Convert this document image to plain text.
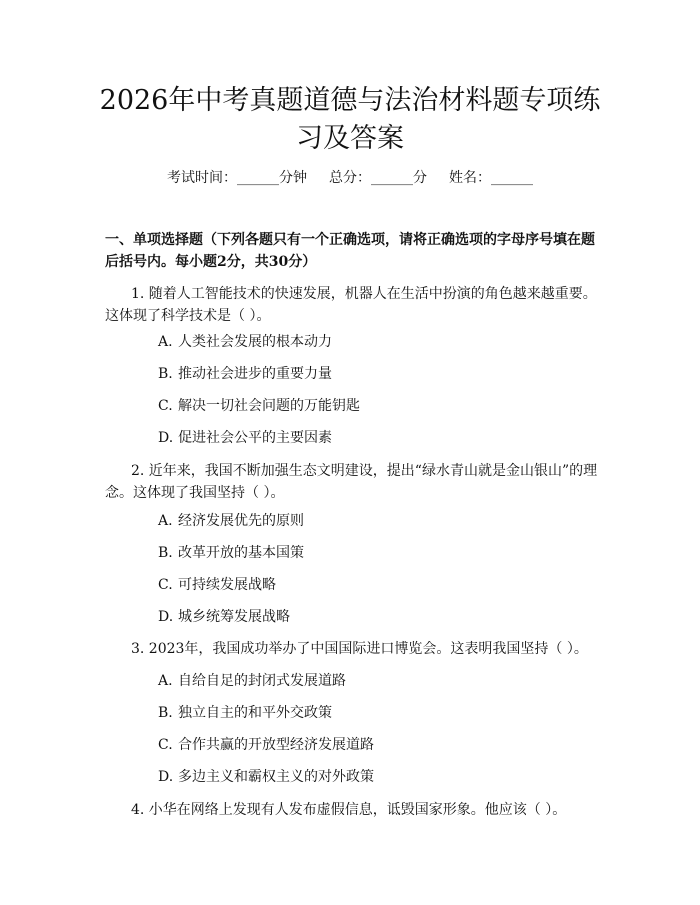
2026年中考真题道德与法治材料题专项练习及答案
考试时间：______分钟 总分：______分 姓名：______

一、单项选择题（下列各题只有一个正确选项，请将正确选项的字母序号填在题后括号内。每小题2分，共30分）

1. 随着人工智能技术的快速发展，机器人在生活中扮演的角色越来越重要。这体现了科学技术是（ ）。

A. 人类社会发展的根本动力
B. 推动社会进步的重要力量
C. 解决一切社会问题的万能钥匙
D. 促进社会公平的主要因素

2. 近年来，我国不断加强生态文明建设，提出“绿水青山就是金山银山”的理念。这体现了我国坚持（ ）。

A. 经济发展优先的原则
B. 改革开放的基本国策
C. 可持续发展战略
D. 城乡统筹发展战略

3. 2023年，我国成功举办了中国国际进口博览会。这表明我国坚持（ ）。

A. 自给自足的封闭式发展道路
B. 独立自主的和平外交政策
C. 合作共赢的开放型经济发展道路
D. 多边主义和霸权主义的对外政策

4. 小华在网络上发现有人发布虚假信息，诋毁国家形象。他应该（ ）。
